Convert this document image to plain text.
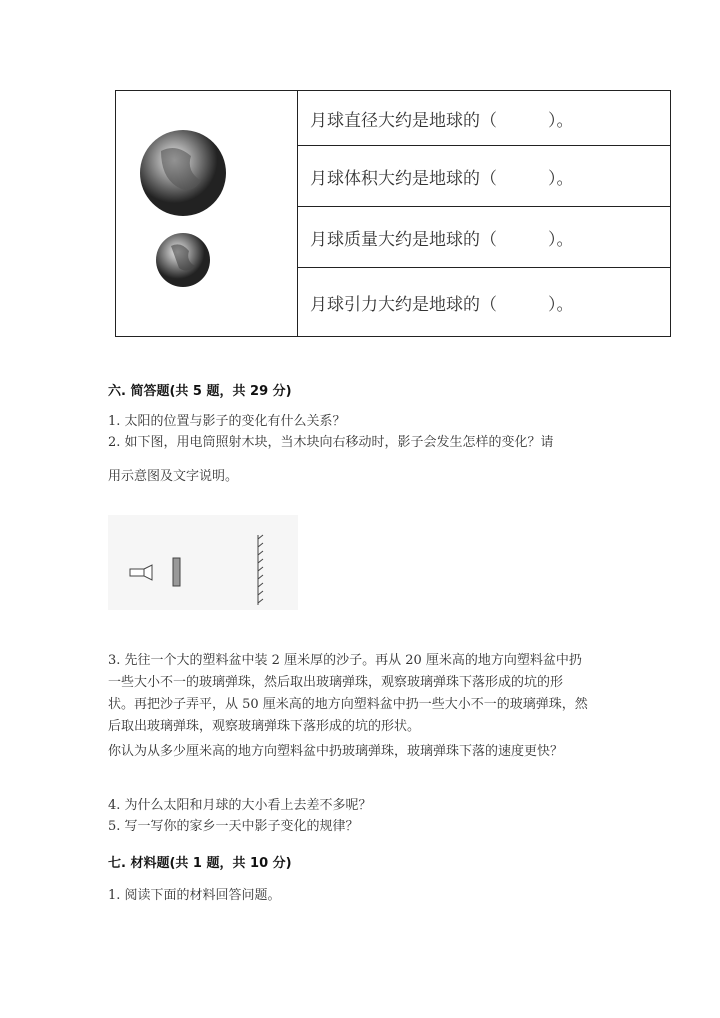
	月球直径大约是地球的（　　　）。
月球体积大约是地球的（　　　）。
月球质量大约是地球的（　　　）。
月球引力大约是地球的（　　　）。
六. 简答题(共 5 题，共 29 分)
1. 太阳的位置与影子的变化有什么关系？
2. 如下图，用电筒照射木块，当木块向右移动时，影子会发生怎样的变化？请
用示意图及文字说明。
3. 先往一个大的塑料盆中装 2 厘米厚的沙子。再从 20 厘米高的地方向塑料盆中扔一些大小不一的玻璃弹珠，然后取出玻璃弹珠，观察玻璃弹珠下落形成的坑的形状。再把沙子弄平，从 50 厘米高的地方向塑料盆中扔一些大小不一的玻璃弹珠，然后取出玻璃弹珠，观察玻璃弹珠下落形成的坑的形状。
你认为从多少厘米高的地方向塑料盆中扔玻璃弹珠，玻璃弹珠下落的速度更快？
4. 为什么太阳和月球的大小看上去差不多呢？
5. 写一写你的家乡一天中影子变化的规律？
七. 材料题(共 1 题，共 10 分)
1. 阅读下面的材料回答问题。
